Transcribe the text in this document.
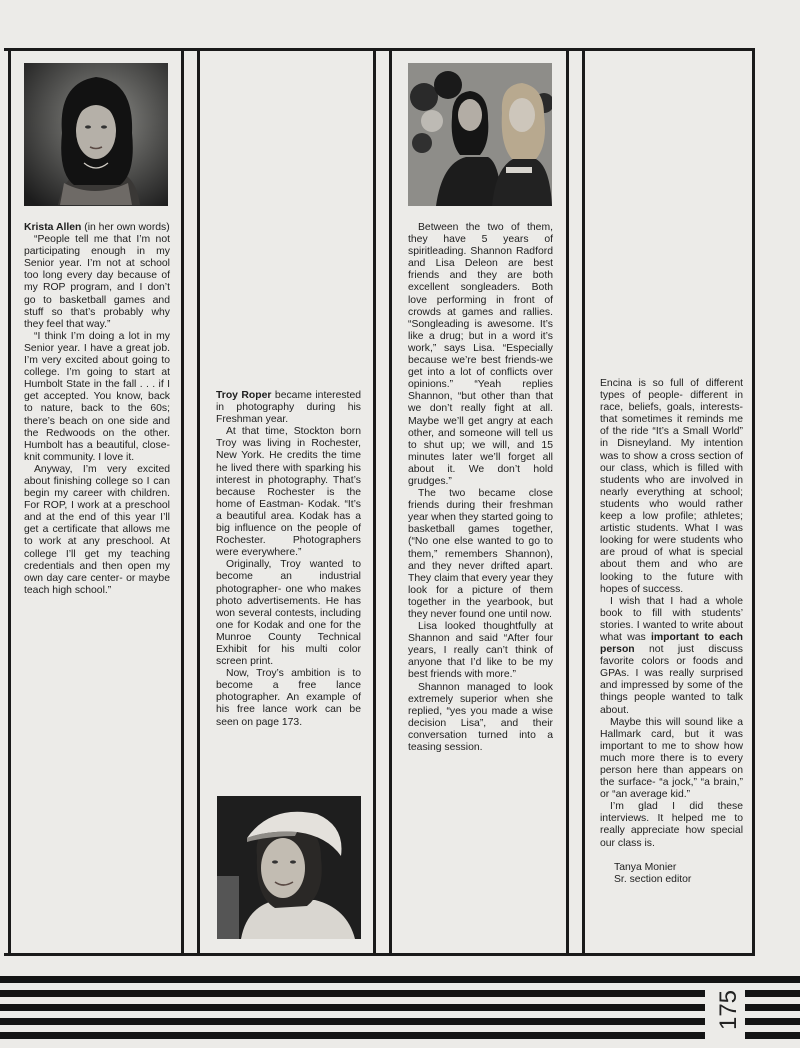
Krista Allen (in her own words)

“People tell me that I’m not participating enough in my Senior year. I’m not at school too long every day because of my ROP program, and I don’t go to basketball games and stuff so that’s probably why they feel that way.”

“I think I’m doing a lot in my Senior year. I have a great job. I’m very excited about going to college. I’m going to start at Humbolt State in the fall . . . if I get accepted. You know, back to nature, back to the 60s; there’s beach on one side and the Redwoods on the other. Humbolt has a beautiful, close-knit community. I love it.

Anyway, I’m very excited about finishing college so I can begin my career with children. For ROP, I work at a preschool and at the end of this year I’ll get a certificate that allows me to work at any preschool. At college I’ll get my teaching credentials and then open my own day care center- or maybe teach high school.”

Troy Roper became interested in photography during his Freshman year.

At that time, Stockton born Troy was living in Rochester, New York. He credits the time he lived there with sparking his interest in photography. That’s because Rochester is the home of Eastman- Kodak. “It’s a beautiful area. Kodak has a big influence on the people of Rochester. Photographers were everywhere.”

Originally, Troy wanted to become an industrial photographer- one who makes photo advertisements. He has won several contests, including one for Kodak and one for the Munroe County Technical Exhibit for his multi color screen print.

Now, Troy’s ambition is to become a free lance photographer. An example of his free lance work can be seen on page 173.

Between the two of them, they have 5 years of spiritleading. Shannon Radford and Lisa Deleon are best friends and they are both excellent songleaders. Both love performing in front of crowds at games and rallies. “Songleading is awesome. It’s like a drug; but in a word it’s work,” says Lisa. “Especially because we’re best friends-we get into a lot of conflicts over opinions.” “Yeah replies Shannon, “but other than that we don’t really fight at all. Maybe we’ll get angry at each other, and someone will tell us to shut up; we will, and 15 minutes later we’ll forget all about it. We don’t hold grudges.”

The two became close friends during their freshman year when they started going to basketball games together, (“No one else wanted to go to them,” remembers Shannon), and they never drifted apart. They claim that every year they look for a picture of them together in the yearbook, but they never found one until now.

Lisa looked thoughtfully at Shannon and said “After four years, I really can’t think of anyone that I’d like to be my best friends with more.”

Shannon managed to look extremely superior when she replied, “yes you made a wise decision Lisa”, and their conversation turned into a teasing session.

Encina is so full of different types of people- different in race, beliefs, goals, interests- that sometimes it reminds me of the ride “It’s a Small World” in Disneyland. My intention was to show a cross section of our class, which is filled with students who are involved in nearly everything at school; students who would rather keep a low profile; athletes; artistic students. What I was looking for were students who are proud of what is special about them and who are looking to the future with hopes of success.

I wish that I had a whole book to fill with students’ stories. I wanted to write about what was important to each person not just discuss favorite colors or foods and GPAs. I was really surprised and impressed by some of the things people wanted to talk about.

Maybe this will sound like a Hallmark card, but it was important to me to show how much more there is to every person here than appears on the surface- “a jock,” “a brain,” or “an average kid.”

I’m glad I did these interviews. It helped me to really appreciate how special our class is.

Tanya Monier

Sr. section editor

175
